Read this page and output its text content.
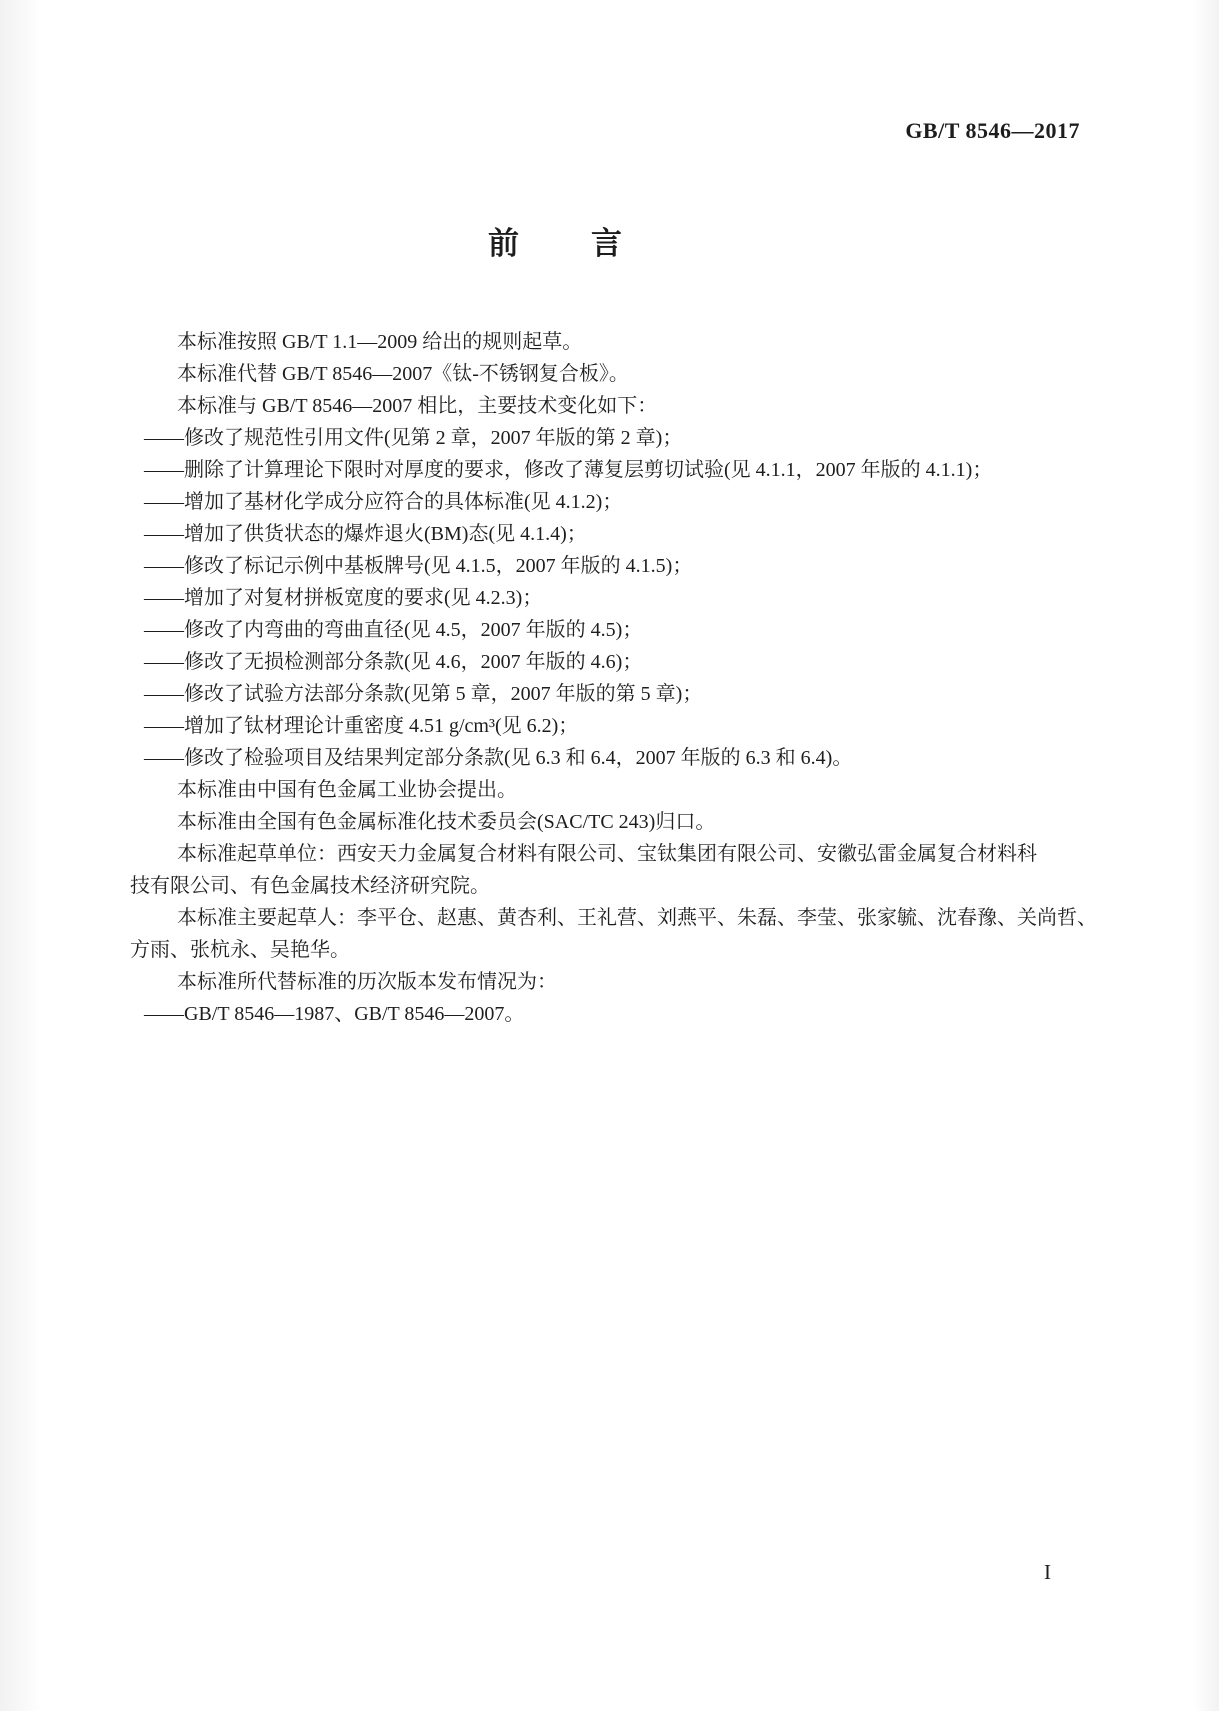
GB/T 8546—2017
前 言
本标准按照 GB/T 1.1—2009 给出的规则起草。
本标准代替 GB/T 8546—2007《钛-不锈钢复合板》。
本标准与 GB/T 8546—2007 相比，主要技术变化如下：
——修改了规范性引用文件(见第 2 章，2007 年版的第 2 章)；
——删除了计算理论下限时对厚度的要求，修改了薄复层剪切试验(见 4.1.1，2007 年版的 4.1.1)；
——增加了基材化学成分应符合的具体标准(见 4.1.2)；
——增加了供货状态的爆炸退火(BM)态(见 4.1.4)；
——修改了标记示例中基板牌号(见 4.1.5，2007 年版的 4.1.5)；
——增加了对复材拼板宽度的要求(见 4.2.3)；
——修改了内弯曲的弯曲直径(见 4.5，2007 年版的 4.5)；
——修改了无损检测部分条款(见 4.6，2007 年版的 4.6)；
——修改了试验方法部分条款(见第 5 章，2007 年版的第 5 章)；
——增加了钛材理论计重密度 4.51 g/cm³(见 6.2)；
——修改了检验项目及结果判定部分条款(见 6.3 和 6.4，2007 年版的 6.3 和 6.4)。
本标准由中国有色金属工业协会提出。
本标准由全国有色金属标准化技术委员会(SAC/TC 243)归口。
本标准起草单位：西安天力金属复合材料有限公司、宝钛集团有限公司、安徽弘雷金属复合材料科
技有限公司、有色金属技术经济研究院。
本标准主要起草人：李平仓、赵惠、黄杏利、王礼营、刘燕平、朱磊、李莹、张家毓、沈春豫、关尚哲、
方雨、张杭永、吴艳华。
本标准所代替标准的历次版本发布情况为：
——GB/T 8546—1987、GB/T 8546—2007。
I
